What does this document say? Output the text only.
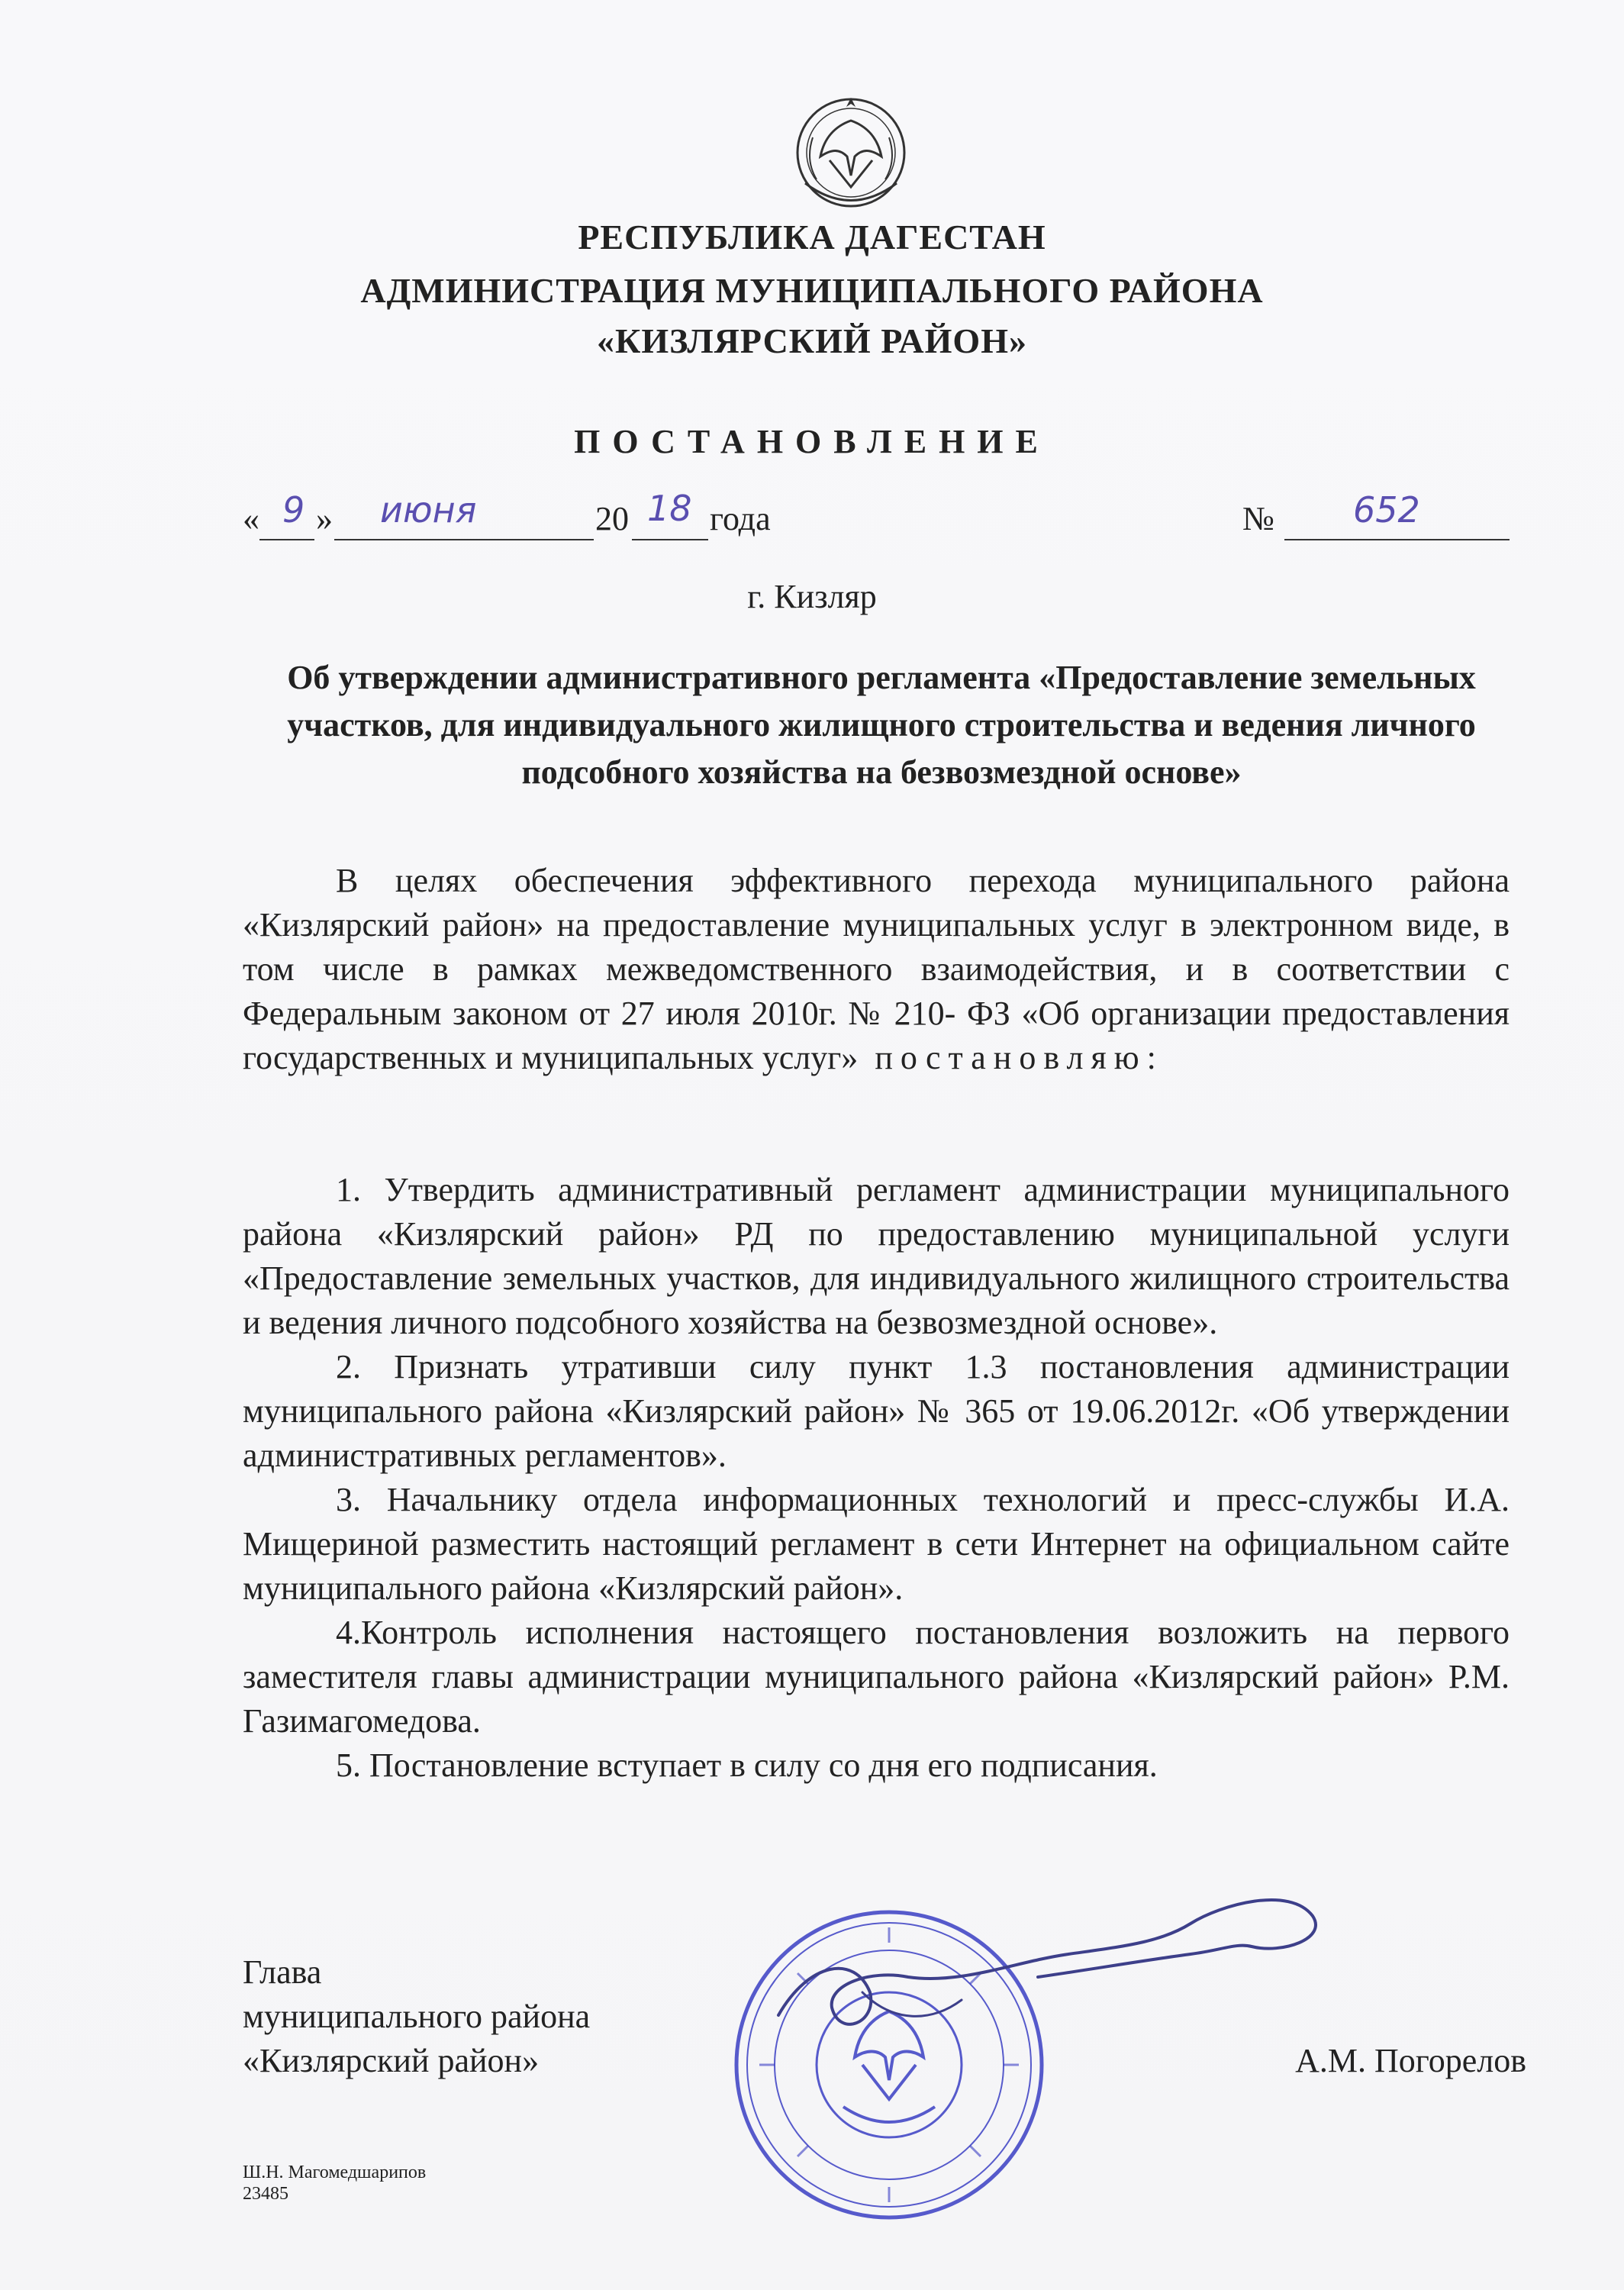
РЕСПУБЛИКА ДАГЕСТАН
АДМИНИСТРАЦИЯ МУНИЦИПАЛЬНОГО РАЙОНА
«КИЗЛЯРСКИЙ РАЙОН»
ПОСТАНОВЛЕНИЕ
« 9 » июня	20 18 года	№ 652
г. Кизляр
Об утверждении административного регламента «Предоставление земельных участков, для индивидуального жилищного строительства и ведения личного подсобного хозяйства на безвозмездной основе»

В целях обеспечения эффективного перехода муниципального района «Кизлярский район» на предоставление муниципальных услуг в электронном виде, в том числе в рамках межведомственного взаимодействия, и в соответствии с Федеральным законом от 27 июля 2010г. № 210- ФЗ «Об организации предоставления государственных и муниципальных услуг» постановляю:

1. Утвердить административный регламент администрации муниципального района «Кизлярский район» РД по предоставлению муниципальной услуги «Предоставление земельных участков, для индивидуального жилищного строительства и ведения личного подсобного хозяйства на безвозмездной основе».

2. Признать утративши силу пункт 1.3 постановления администрации муниципального района «Кизлярский район» № 365 от 19.06.2012г. «Об утверждении административных регламентов».

3. Начальнику отдела информационных технологий и пресс-службы И.А. Мищериной разместить настоящий регламент в сети Интернет на официальном сайте муниципального района «Кизлярский район».

4.Контроль исполнения настоящего постановления возложить на первого заместителя главы администрации муниципального района «Кизлярский район» Р.М. Газимагомедова.

5. Постановление вступает в силу со дня его подписания.

Глава
муниципального района
«Кизлярский район»	А.М. Погорелов
Ш.Н. Магомедшарипов
23485
